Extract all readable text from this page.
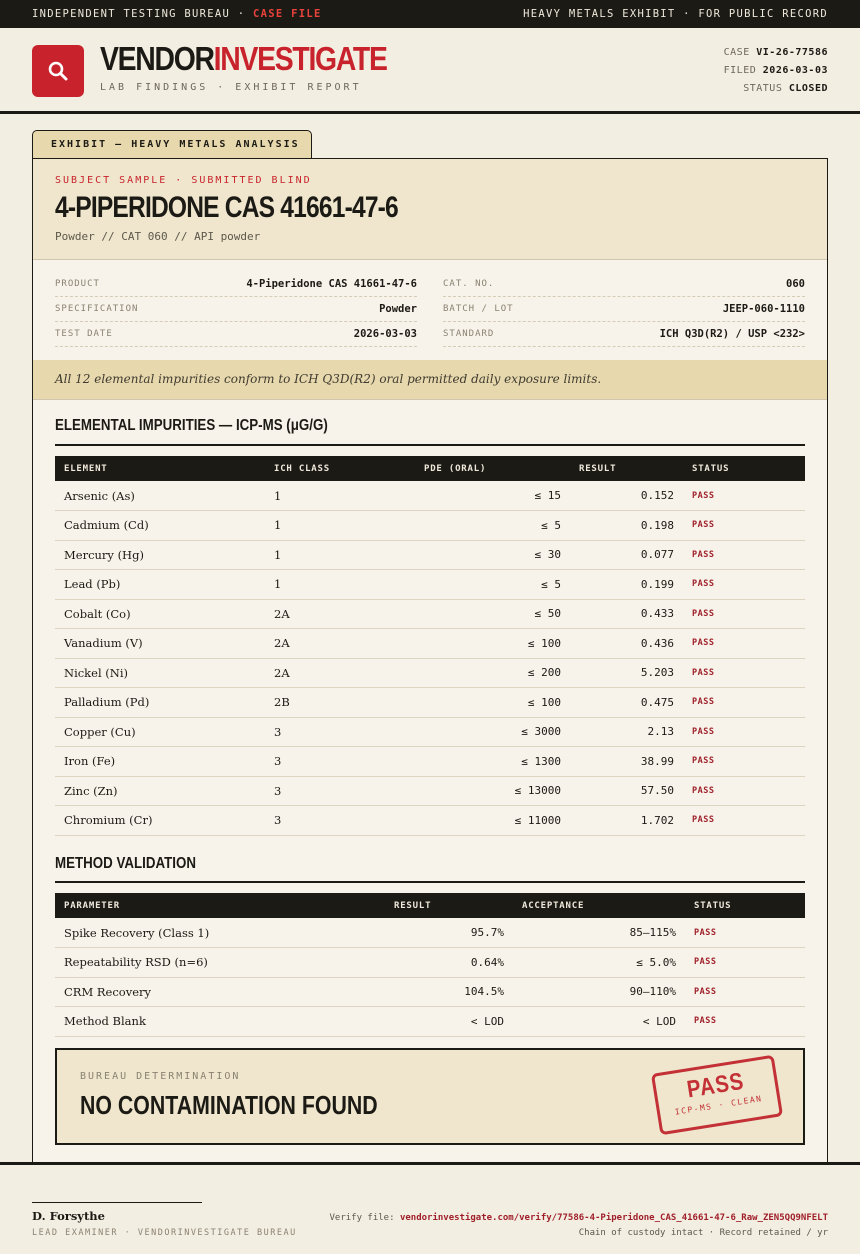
INDEPENDENT TESTING BUREAU · CASE FILE	HEAVY METALS EXHIBIT · FOR PUBLIC RECORD
VENDORINVESTIGATE
LAB FINDINGS · EXHIBIT REPORT
CASE VI-26-77586
FILED 2026-03-03
STATUS CLOSED
EXHIBIT — HEAVY METALS ANALYSIS
SUBJECT SAMPLE · SUBMITTED BLIND
4-PIPERIDONE CAS 41661-47-6
Powder // CAT 060 // API powder
PRODUCT	4-Piperidone CAS 41661-47-6
SPECIFICATION	Powder
TEST DATE	2026-03-03
CAT. NO.	060
BATCH / LOT	JEEP-060-1110
STANDARD	ICH Q3D(R2) / USP <232>
All 12 elemental impurities conform to ICH Q3D(R2) oral permitted daily exposure limits.
ELEMENTAL IMPURITIES — ICP-MS (μG/G)
ELEMENT	ICH CLASS	PDE (ORAL)	RESULT	STATUS
Arsenic (As)	1	≤ 15	0.152	PASS
Cadmium (Cd)	1	≤ 5	0.198	PASS
Mercury (Hg)	1	≤ 30	0.077	PASS
Lead (Pb)	1	≤ 5	0.199	PASS
Cobalt (Co)	2A	≤ 50	0.433	PASS
Vanadium (V)	2A	≤ 100	0.436	PASS
Nickel (Ni)	2A	≤ 200	5.203	PASS
Palladium (Pd)	2B	≤ 100	0.475	PASS
Copper (Cu)	3	≤ 3000	2.13	PASS
Iron (Fe)	3	≤ 1300	38.99	PASS
Zinc (Zn)	3	≤ 13000	57.50	PASS
Chromium (Cr)	3	≤ 11000	1.702	PASS
METHOD VALIDATION
PARAMETER	RESULT	ACCEPTANCE	STATUS
Spike Recovery (Class 1)	95.7%	85–115%	PASS
Repeatability RSD (n=6)	0.64%	≤ 5.0%	PASS
CRM Recovery	104.5%	90–110%	PASS
Method Blank	< LOD	< LOD	PASS
BUREAU DETERMINATION
NO CONTAMINATION FOUND
PASS
ICP-MS · CLEAN
D. Forsythe
LEAD EXAMINER · VENDORINVESTIGATE BUREAU
Verify file: vendorinvestigate.com/verify/77586-4-Piperidone_CAS_41661-47-6_Raw_ZEN5QQ9NFELT
Chain of custody intact · Record retained / yr
